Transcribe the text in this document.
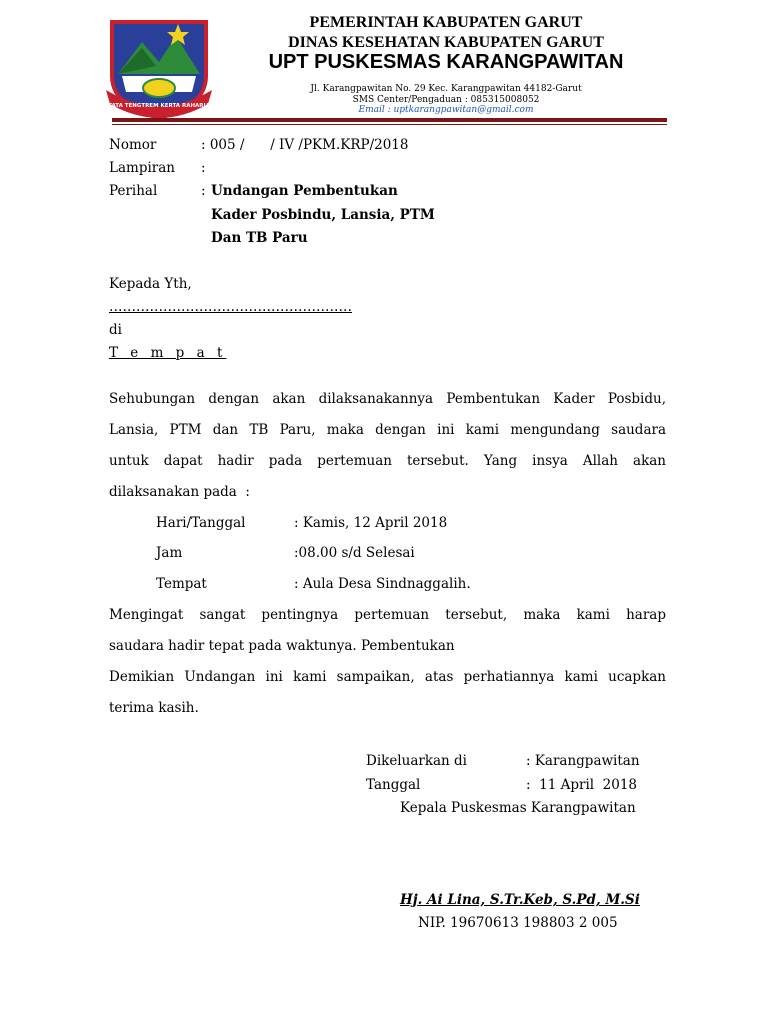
TATA TENGTREM KERTA RAHARJA
PEMERINTAH KABUPATEN GARUT
DINAS KESEHATAN KABUPATEN GARUT
UPT PUSKESMAS KARANGPAWITAN
Jl. Karangpawitan No. 29 Kec. Karangpawitan 44182-Garut
SMS Center/Pengaduan : 085315008052
Email : uptkarangpawitan@gmail.com
Nomor	: 005 /      / IV /PKM.KRP/2018
Lampiran :
Perihal	: Undangan Pembentukan
Kader Posbindu, Lansia, PTM
Dan TB Paru
Kepada Yth,
………………………………………………
di
T e m p a t
Sehubungan dengan akan dilaksanakannya Pembentukan Kader Posbidu,
Lansia, PTM dan TB Paru, maka dengan ini kami mengundang saudara
untuk dapat hadir pada pertemuan tersebut. Yang insya Allah akan
dilaksanakan pada  :
Hari/Tanggal	: Kamis, 12 April 2018
Jam	:08.00 s/d Selesai
Tempat	: Aula Desa Sindnaggalih.
Mengingat sangat pentingnya pertemuan tersebut, maka kami harap
saudara hadir tepat pada waktunya. Pembentukan
Demikian Undangan ini kami sampaikan, atas perhatiannya kami ucapkan
terima kasih.
Dikeluarkan di	: Karangpawitan
Tanggal	:  11 April  2018
Kepala Puskesmas Karangpawitan
Hj. Ai Lina, S.Tr.Keb, S.Pd, M.Si
NIP. 19670613 198803 2 005
